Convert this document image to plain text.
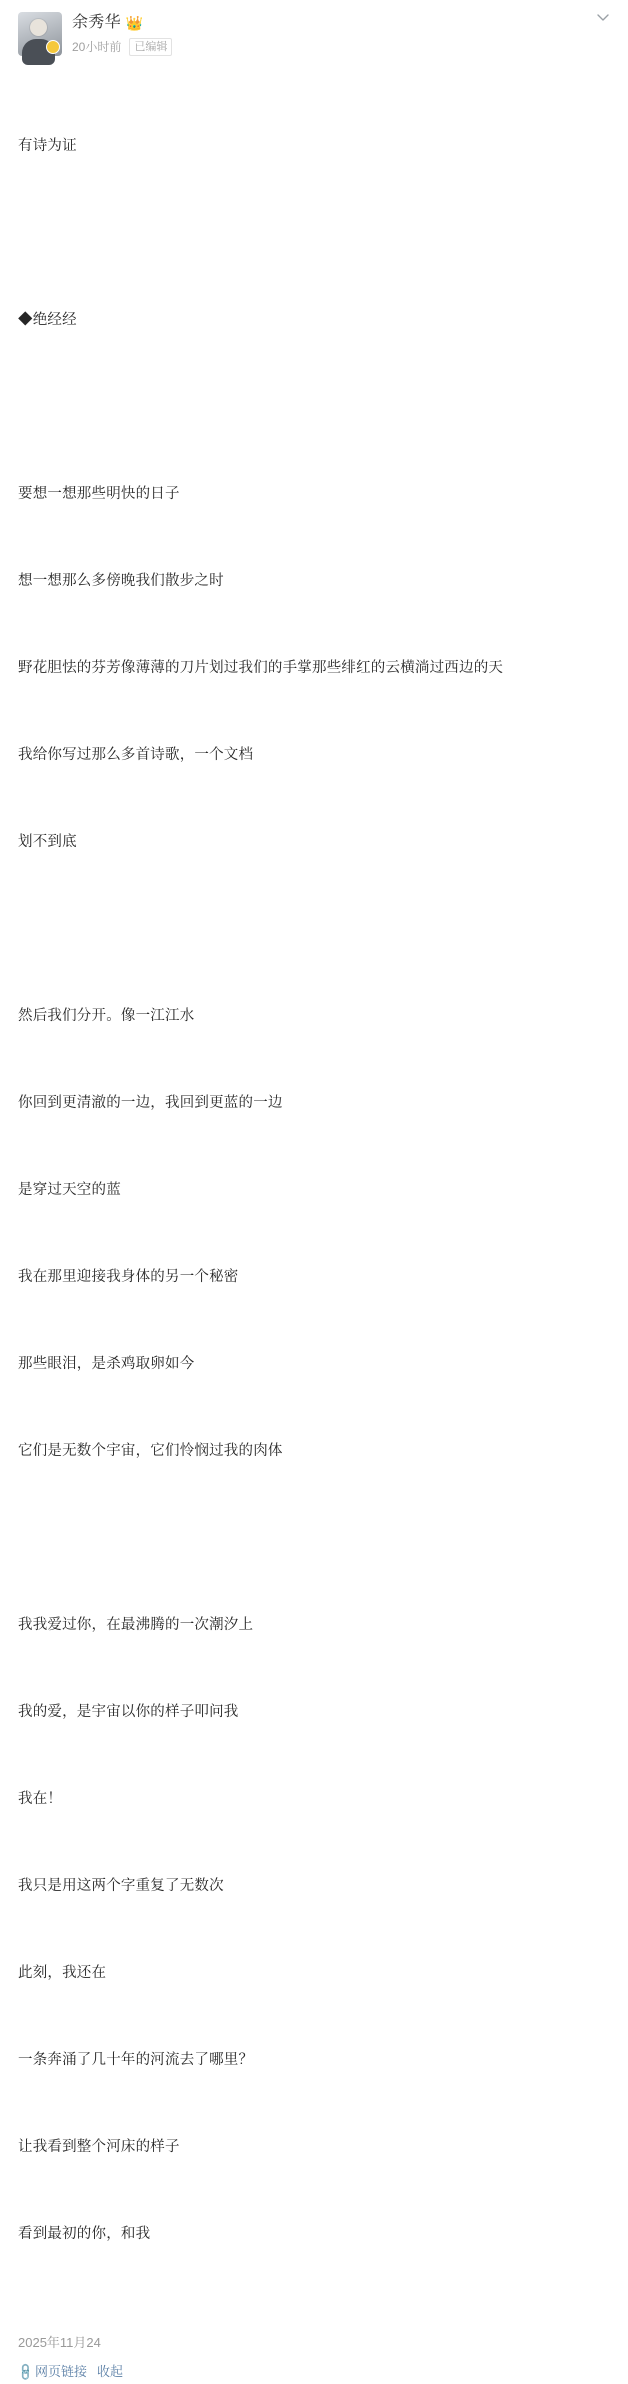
余秀华 👑
20小时前	已编辑

有诗为证

◆绝经经

要想一想那些明快的日子

想一想那么多傍晚我们散步之时

野花胆怯的芬芳像薄薄的刀片划过我们的手掌那些绯红的云横淌过西边的天

我给你写过那么多首诗歌，一个文档

划不到底

然后我们分开。像一江江水

你回到更清澈的一边，我回到更蓝的一边

是穿过天空的蓝

我在那里迎接我身体的另一个秘密

那些眼泪，是杀鸡取卵如今

它们是无数个宇宙，它们怜悯过我的肉体

我我爱过你，在最沸腾的一次潮汐上

我的爱，是宇宙以你的样子叩问我

我在！

我只是用这两个字重复了无数次

此刻，我还在

一条奔涌了几十年的河流去了哪里？

让我看到整个河床的样子

看到最初的你，和我

2025年11月24
🔗 网页链接 收起
